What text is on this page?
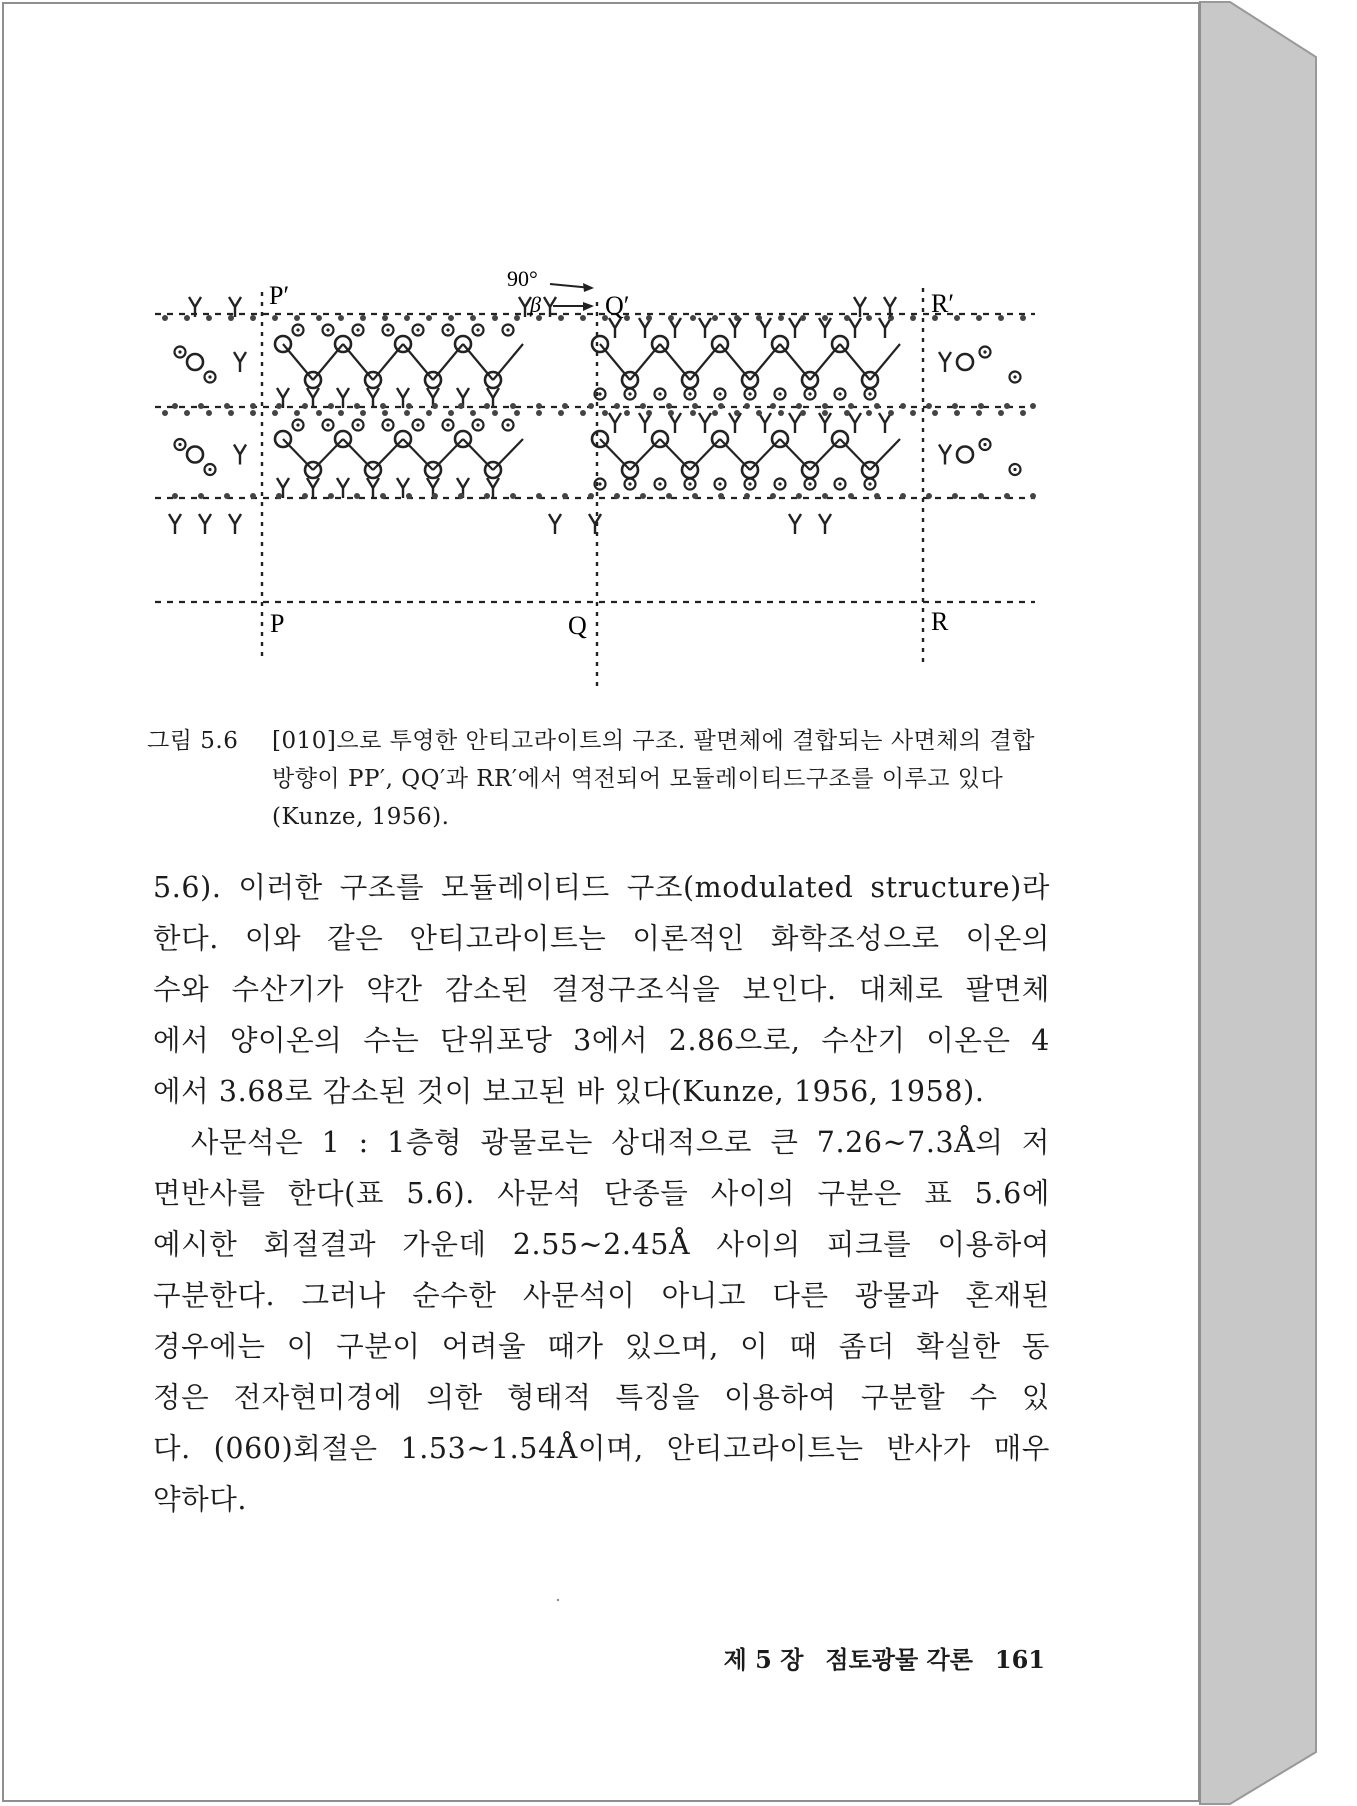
P′	Q′	R′
P	Q	R
90°
β
그림 5.6 [010]으로 투영한 안티고라이트의 구조. 팔면체에 결합되는 사면체의 결합방향이 PP′, QQ′과 RR′에서 역전되어 모듈레이티드구조를 이루고 있다(Kunze, 1956).
5.6). 이러한 구조를 모듈레이티드 구조(modulated structure)라
한다. 이와 같은 안티고라이트는 이론적인 화학조성으로 이온의
수와 수산기가 약간 감소된 결정구조식을 보인다. 대체로 팔면체
에서 양이온의 수는 단위포당 3에서 2.86으로, 수산기 이온은 4
에서 3.68로 감소된 것이 보고된 바 있다(Kunze, 1956, 1958).
　사문석은 1 : 1층형 광물로는 상대적으로 큰 7.26~7.3Å의 저
면반사를 한다(표 5.6). 사문석 단종들 사이의 구분은 표 5.6에
예시한 회절결과 가운데 2.55~2.45Å 사이의 피크를 이용하여
구분한다. 그러나 순수한 사문석이 아니고 다른 광물과 혼재된
경우에는 이 구분이 어려울 때가 있으며, 이 때 좀더 확실한 동
정은 전자현미경에 의한 형태적 특징을 이용하여 구분할 수 있
다. (060)회절은 1.53~1.54Å이며, 안티고라이트는 반사가 매우
약하다.
제 5 장 점토광물 각론 161
